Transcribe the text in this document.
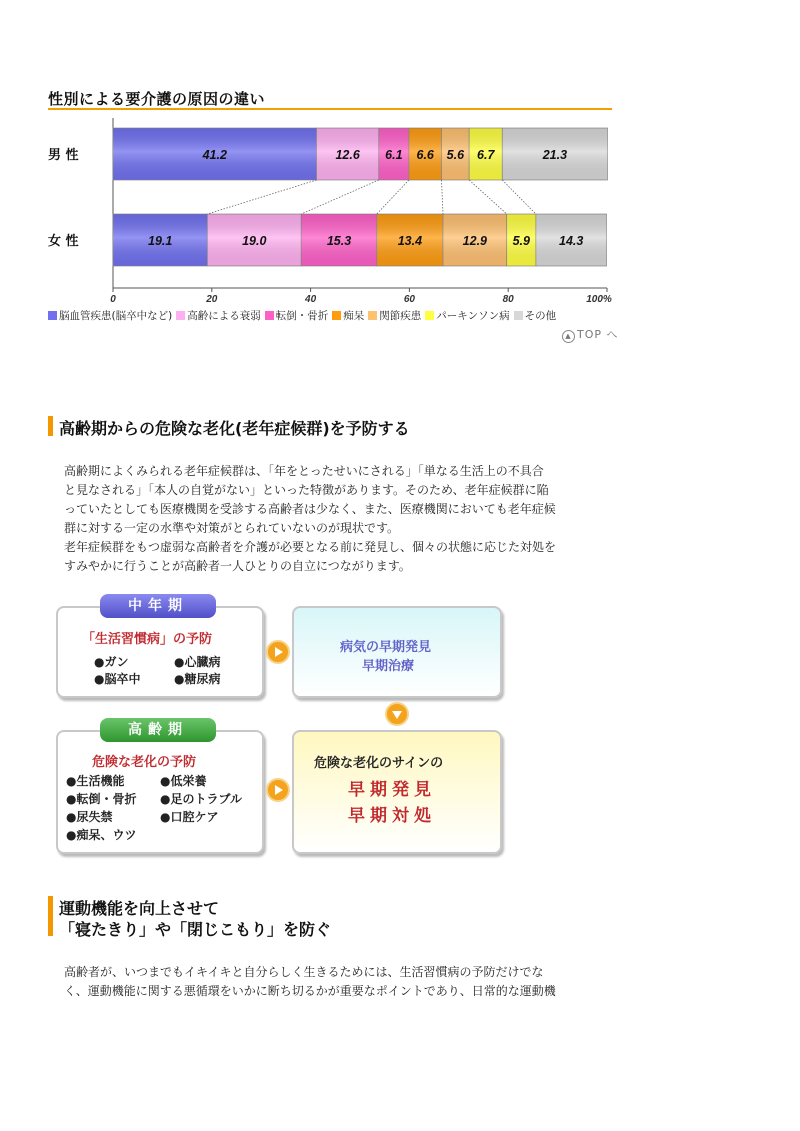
性別による要介護の原因の違い
0	20	40	60	80	100%
男 性
女 性
41.2	12.6 6.1 6.6 5.6 6.7	21.3
19.1	19.0	15.3	13.4	12.9 5.9 14.3
脳血管疾患(脳卒中など) 高齢による衰弱 転倒・骨折 痴呆 関節疾患 パーキンソン病 その他
▲ TOP へ
高齢期からの危険な老化(老年症候群)を予防する
高齢期によくみられる老年症候群は、「年をとったせいにされる」「単なる生活上の不具合
と見なされる」「本人の自覚がない」といった特徴があります。そのため、老年症候群に陥
っていたとしても医療機関を受診する高齢者は少なく、また、医療機関においても老年症候
群に対する一定の水準や対策がとられていないのが現状です。
老年症候群をもつ虚弱な高齢者を介護が必要となる前に発見し、個々の状態に応じた対処を
すみやかに行うことが高齢者一人ひとりの自立につながります。
中年期
「生活習慣病」の予防
●ガン	●心臓病
●脳卒中	●糖尿病
病気の早期発見
早期治療
高齢期
危険な老化の予防
●生活機能	●低栄養
●転倒・骨折 ●足のトラブル
●尿失禁	●口腔ケア
●痴呆、ウツ
危険な老化のサインの
早期発見
早期対処
運動機能を向上させて
「寝たきり」や「閉じこもり」を防ぐ
高齢者が、いつまでもイキイキと自分らしく生きるためには、生活習慣病の予防だけでな
く、運動機能に関する悪循環をいかに断ち切るかが重要なポイントであり、日常的な運動機
